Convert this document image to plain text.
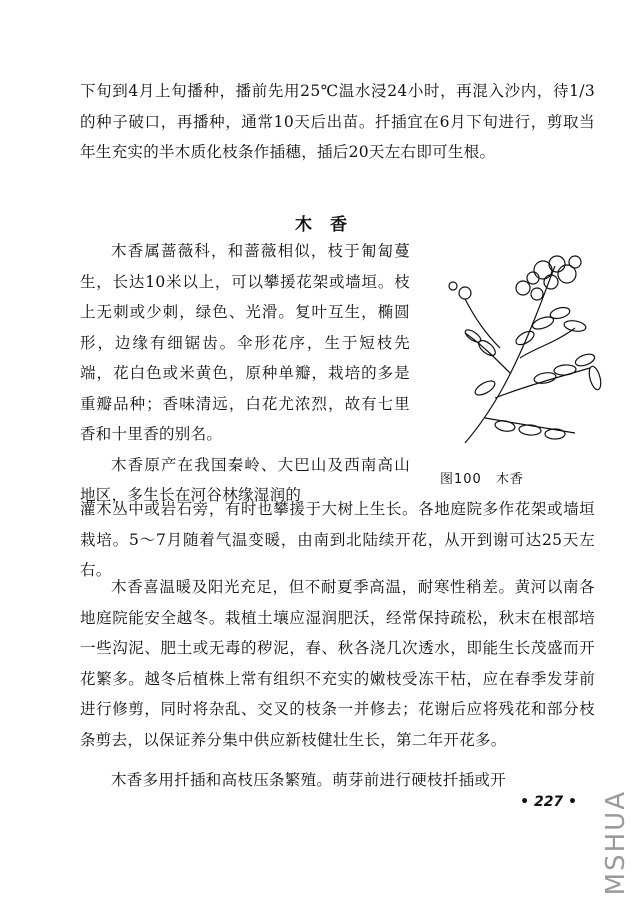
下旬到4月上旬播种，播前先用25℃温水浸24小时，再混入沙内，待1/3的种子破口，再播种，通常10天后出苗。扦插宜在6月下旬进行，剪取当年生充实的半木质化枝条作插穗，插后20天左右即可生根。

木香

木香属蔷薇科，和蔷薇相似，枝于匍匐蔓生，长达10米以上，可以攀援花架或墙垣。枝上无刺或少刺，绿色、光滑。复叶互生，椭圆形，边缘有细锯齿。伞形花序，生于短枝先端，花白色或米黄色，原种单瓣，栽培的多是重瓣品种；香味清远，白花尤浓烈，故有七里香和十里香的别名。

木香原产在我国秦岭、大巴山及西南高山地区，多生长在河谷林缘湿润的

图100　木香

灌木丛中或岩石旁，有时也攀援于大树上生长。各地庭院多作花架或墙垣栽培。5～7月随着气温变暖，由南到北陆续开花，从开到谢可达25天左右。

木香喜温暖及阳光充足，但不耐夏季高温，耐寒性稍差。黄河以南各地庭院能安全越冬。栽植土壤应湿润肥沃，经常保持疏松，秋末在根部培一些沟泥、肥土或无毒的秽泥，春、秋各浇几次透水，即能生长茂盛而开花繁多。越冬后植株上常有组织不充实的嫩枝受冻干枯，应在春季发芽前进行修剪，同时将杂乱、交叉的枝条一并修去；花谢后应将残花和部分枝条剪去，以保证养分集中供应新枝健壮生长，第二年开花多。

木香多用扦插和高枝压条繁殖。萌芽前进行硬枝扦插或开

• 227 • MSHUA
